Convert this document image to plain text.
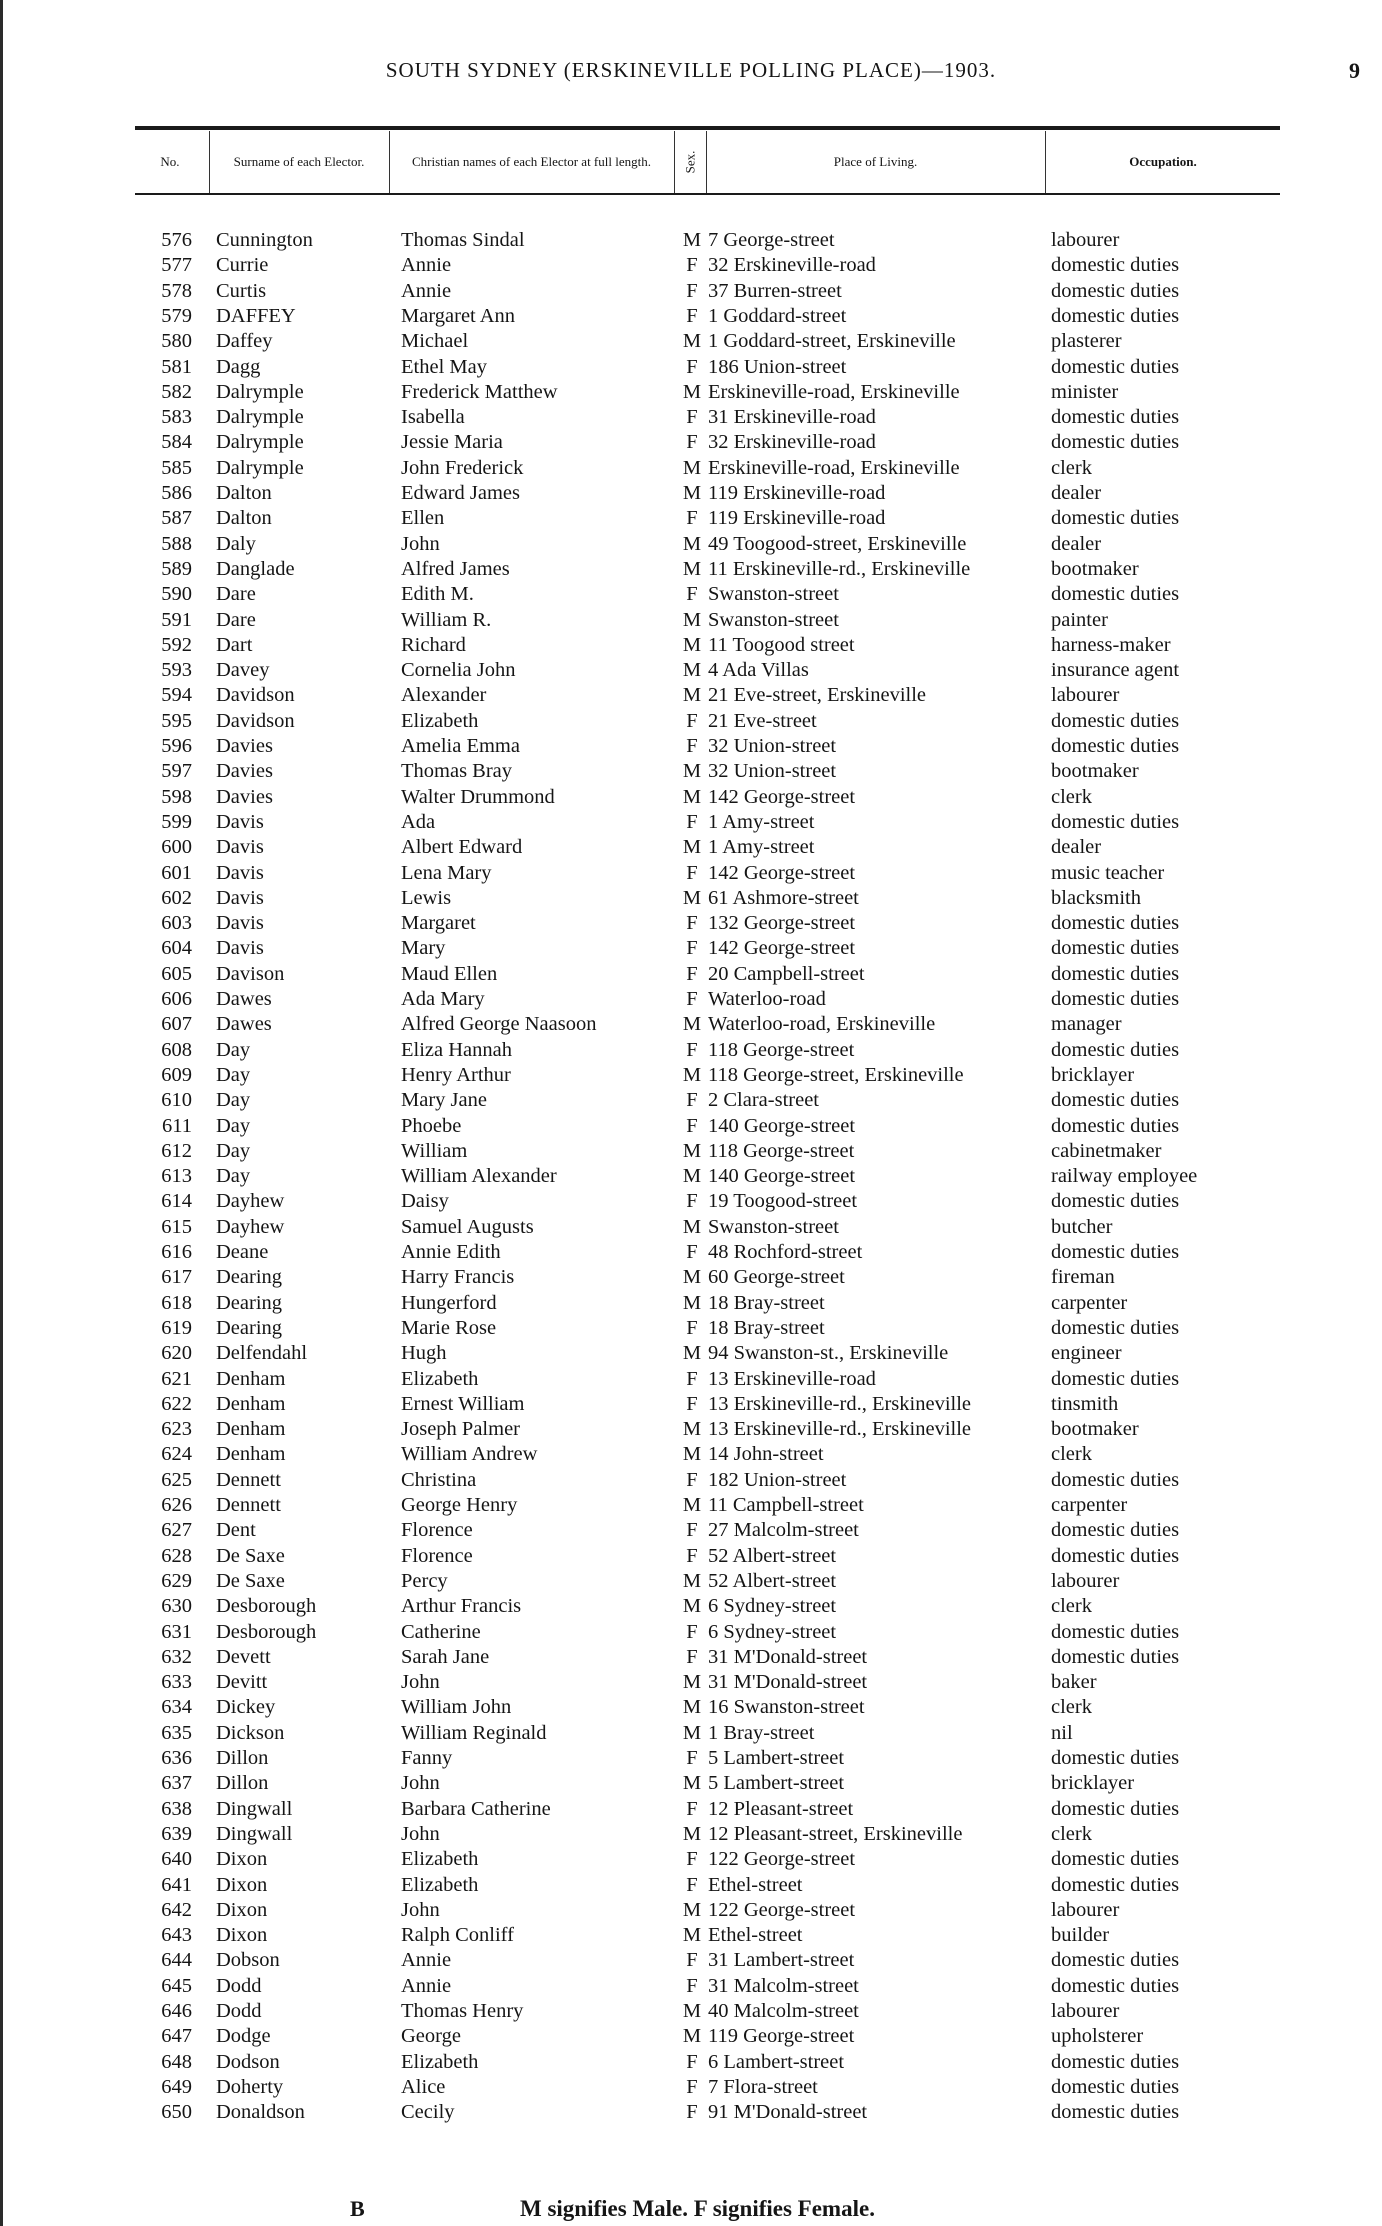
SOUTH SYDNEY (ERSKINEVILLE POLLING PLACE)—1903.	9
No.	Surname of each Elector.	Christian names of each Elector at full length.	Sex.	Place of Living.	Occupation.
576 Cunnington	Thomas Sindal	M 7 George-street	labourer
577 Currie	Annie	F 32 Erskineville-road	domestic duties
578 Curtis	Annie	F 37 Burren-street	domestic duties
579 DAFFEY	Margaret Ann	F 1 Goddard-street	domestic duties
580 Daffey	Michael	M 1 Goddard-street, Erskineville	plasterer
581 Dagg	Ethel May	F 186 Union-street	domestic duties
582 Dalrymple	Frederick Matthew	M Erskineville-road, Erskineville	minister
583 Dalrymple	Isabella	F 31 Erskineville-road	domestic duties
584 Dalrymple	Jessie Maria	F 32 Erskineville-road	domestic duties
585 Dalrymple	John Frederick	M Erskineville-road, Erskineville	clerk
586 Dalton	Edward James	M 119 Erskineville-road	dealer
587 Dalton	Ellen	F 119 Erskineville-road	domestic duties
588 Daly	John	M 49 Toogood-street, Erskineville	dealer
589 Danglade	Alfred James	M 11 Erskineville-rd., Erskineville	bootmaker
590 Dare	Edith M.	F Swanston-street	domestic duties
591 Dare	William R.	M Swanston-street	painter
592 Dart	Richard	M 11 Toogood street	harness-maker
593 Davey	Cornelia John	M 4 Ada Villas	insurance agent
594 Davidson	Alexander	M 21 Eve-street, Erskineville	labourer
595 Davidson	Elizabeth	F 21 Eve-street	domestic duties
596 Davies	Amelia Emma	F 32 Union-street	domestic duties
597 Davies	Thomas Bray	M 32 Union-street	bootmaker
598 Davies	Walter Drummond	M 142 George-street	clerk
599 Davis	Ada	F 1 Amy-street	domestic duties
600 Davis	Albert Edward	M 1 Amy-street	dealer
601 Davis	Lena Mary	F 142 George-street	music teacher
602 Davis	Lewis	M 61 Ashmore-street	blacksmith
603 Davis	Margaret	F 132 George-street	domestic duties
604 Davis	Mary	F 142 George-street	domestic duties
605 Davison	Maud Ellen	F 20 Campbell-street	domestic duties
606 Dawes	Ada Mary	F Waterloo-road	domestic duties
607 Dawes	Alfred George Naasoon	M Waterloo-road, Erskineville	manager
608 Day	Eliza Hannah	F 118 George-street	domestic duties
609 Day	Henry Arthur	M 118 George-street, Erskineville	bricklayer
610 Day	Mary Jane	F 2 Clara-street	domestic duties
611 Day	Phoebe	F 140 George-street	domestic duties
612 Day	William	M 118 George-street	cabinetmaker
613 Day	William Alexander	M 140 George-street	railway employee
614 Dayhew	Daisy	F 19 Toogood-street	domestic duties
615 Dayhew	Samuel Augusts	M Swanston-street	butcher
616 Deane	Annie Edith	F 48 Rochford-street	domestic duties
617 Dearing	Harry Francis	M 60 George-street	fireman
618 Dearing	Hungerford	M 18 Bray-street	carpenter
619 Dearing	Marie Rose	F 18 Bray-street	domestic duties
620 Delfendahl	Hugh	M 94 Swanston-st., Erskineville	engineer
621 Denham	Elizabeth	F 13 Erskineville-road	domestic duties
622 Denham	Ernest William	F 13 Erskineville-rd., Erskineville	tinsmith
623 Denham	Joseph Palmer	M 13 Erskineville-rd., Erskineville	bootmaker
624 Denham	William Andrew	M 14 John-street	clerk
625 Dennett	Christina	F 182 Union-street	domestic duties
626 Dennett	George Henry	M 11 Campbell-street	carpenter
627 Dent	Florence	F 27 Malcolm-street	domestic duties
628 De Saxe	Florence	F 52 Albert-street	domestic duties
629 De Saxe	Percy	M 52 Albert-street	labourer
630 Desborough	Arthur Francis	M 6 Sydney-street	clerk
631 Desborough	Catherine	F 6 Sydney-street	domestic duties
632 Devett	Sarah Jane	F 31 M'Donald-street	domestic duties
633 Devitt	John	M 31 M'Donald-street	baker
634 Dickey	William John	M 16 Swanston-street	clerk
635 Dickson	William Reginald	M 1 Bray-street	nil
636 Dillon	Fanny	F 5 Lambert-street	domestic duties
637 Dillon	John	M 5 Lambert-street	bricklayer
638 Dingwall	Barbara Catherine	F 12 Pleasant-street	domestic duties
639 Dingwall	John	M 12 Pleasant-street, Erskineville	clerk
640 Dixon	Elizabeth	F 122 George-street	domestic duties
641 Dixon	Elizabeth	F Ethel-street	domestic duties
642 Dixon	John	M 122 George-street	labourer
643 Dixon	Ralph Conliff	M Ethel-street	builder
644 Dobson	Annie	F 31 Lambert-street	domestic duties
645 Dodd	Annie	F 31 Malcolm-street	domestic duties
646 Dodd	Thomas Henry	M 40 Malcolm-street	labourer
647 Dodge	George	M 119 George-street	upholsterer
648 Dodson	Elizabeth	F 6 Lambert-street	domestic duties
649 Doherty	Alice	F 7 Flora-street	domestic duties
650 Donaldson	Cecily	F 91 M'Donald-street	domestic duties
B	M signifies Male. F signifies Female.
